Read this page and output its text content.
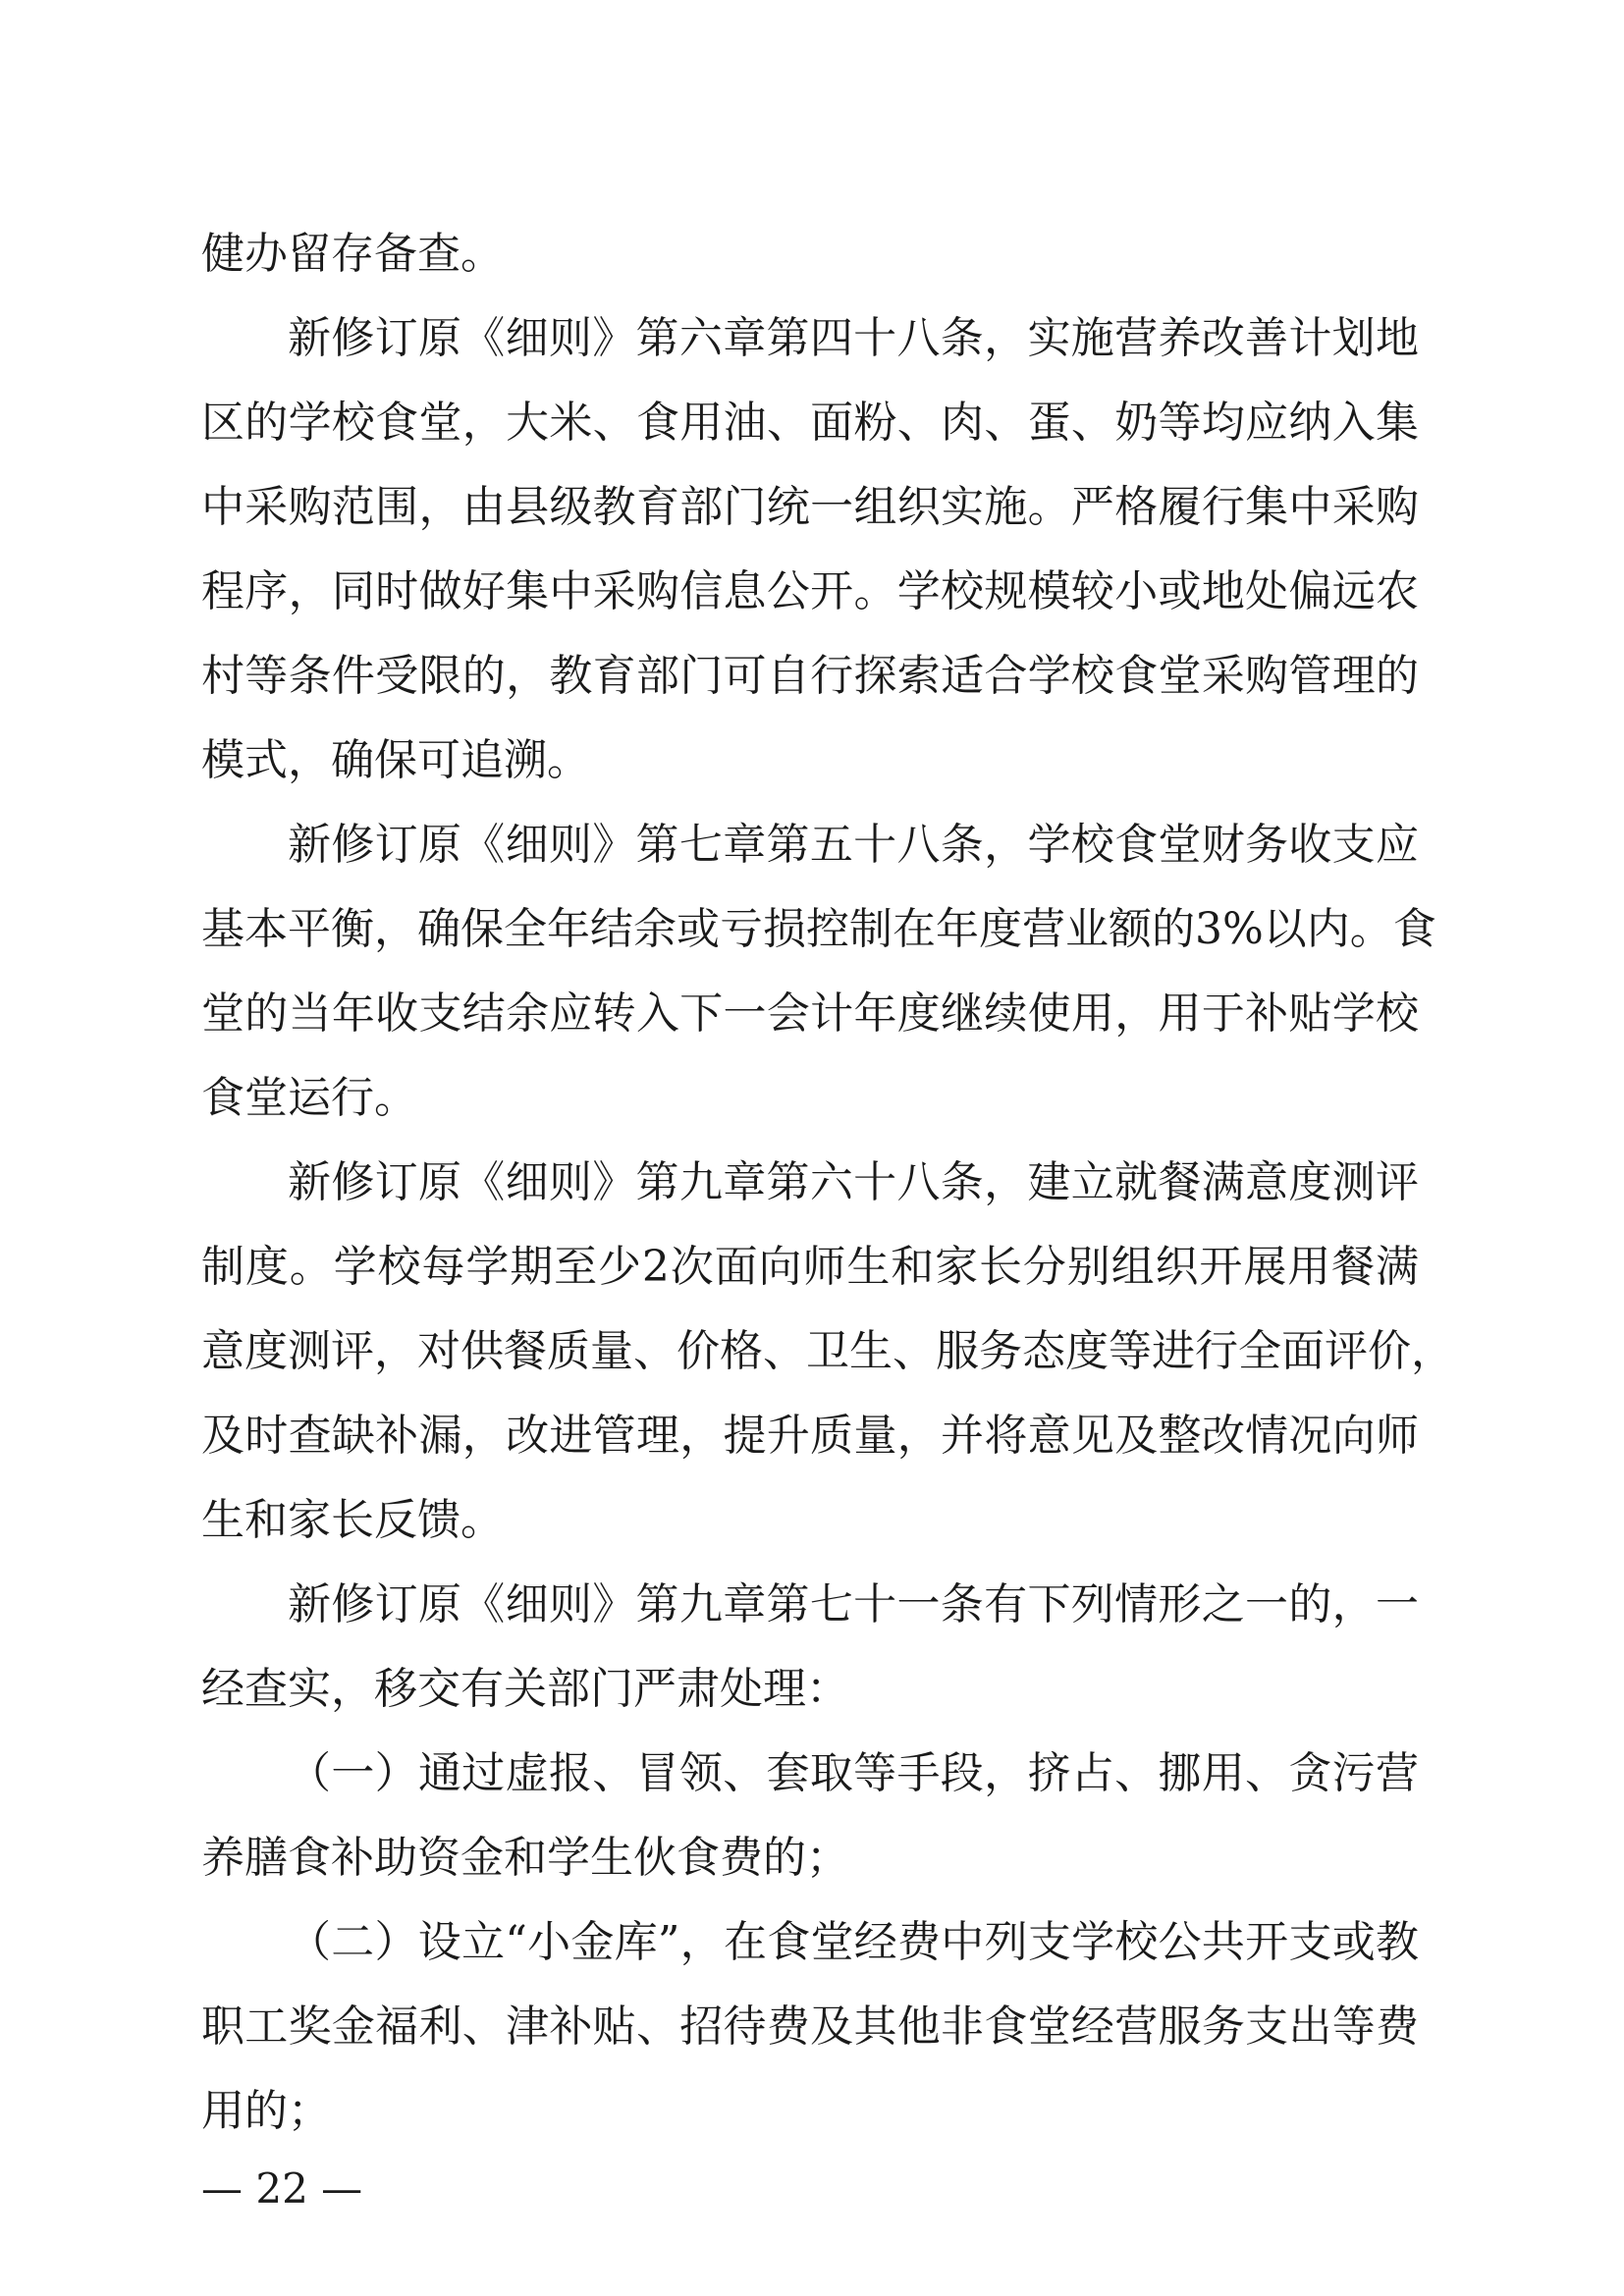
健办留存备查。
新修订原《细则》第六章第四十八条，实施营养改善计划地
区的学校食堂，大米、食用油、面粉、肉、蛋、奶等均应纳入集
中采购范围，由县级教育部门统一组织实施。严格履行集中采购
程序，同时做好集中采购信息公开。学校规模较小或地处偏远农
村等条件受限的，教育部门可自行探索适合学校食堂采购管理的
模式，确保可追溯。
新修订原《细则》第七章第五十八条，学校食堂财务收支应
基本平衡，确保全年结余或亏损控制在年度营业额的3%以内。食
堂的当年收支结余应转入下一会计年度继续使用，用于补贴学校
食堂运行。
新修订原《细则》第九章第六十八条，建立就餐满意度测评
制度。学校每学期至少2次面向师生和家长分别组织开展用餐满
意度测评，对供餐质量、价格、卫生、服务态度等进行全面评价，
及时查缺补漏，改进管理，提升质量，并将意见及整改情况向师
生和家长反馈。
新修订原《细则》第九章第七十一条有下列情形之一的，一
经查实，移交有关部门严肃处理：
（一）通过虚报、冒领、套取等手段，挤占、挪用、贪污营
养膳食补助资金和学生伙食费的；
（二）设立“小金库”，在食堂经费中列支学校公共开支或教
职工奖金福利、津补贴、招待费及其他非食堂经营服务支出等费
用的；
— 22 —
